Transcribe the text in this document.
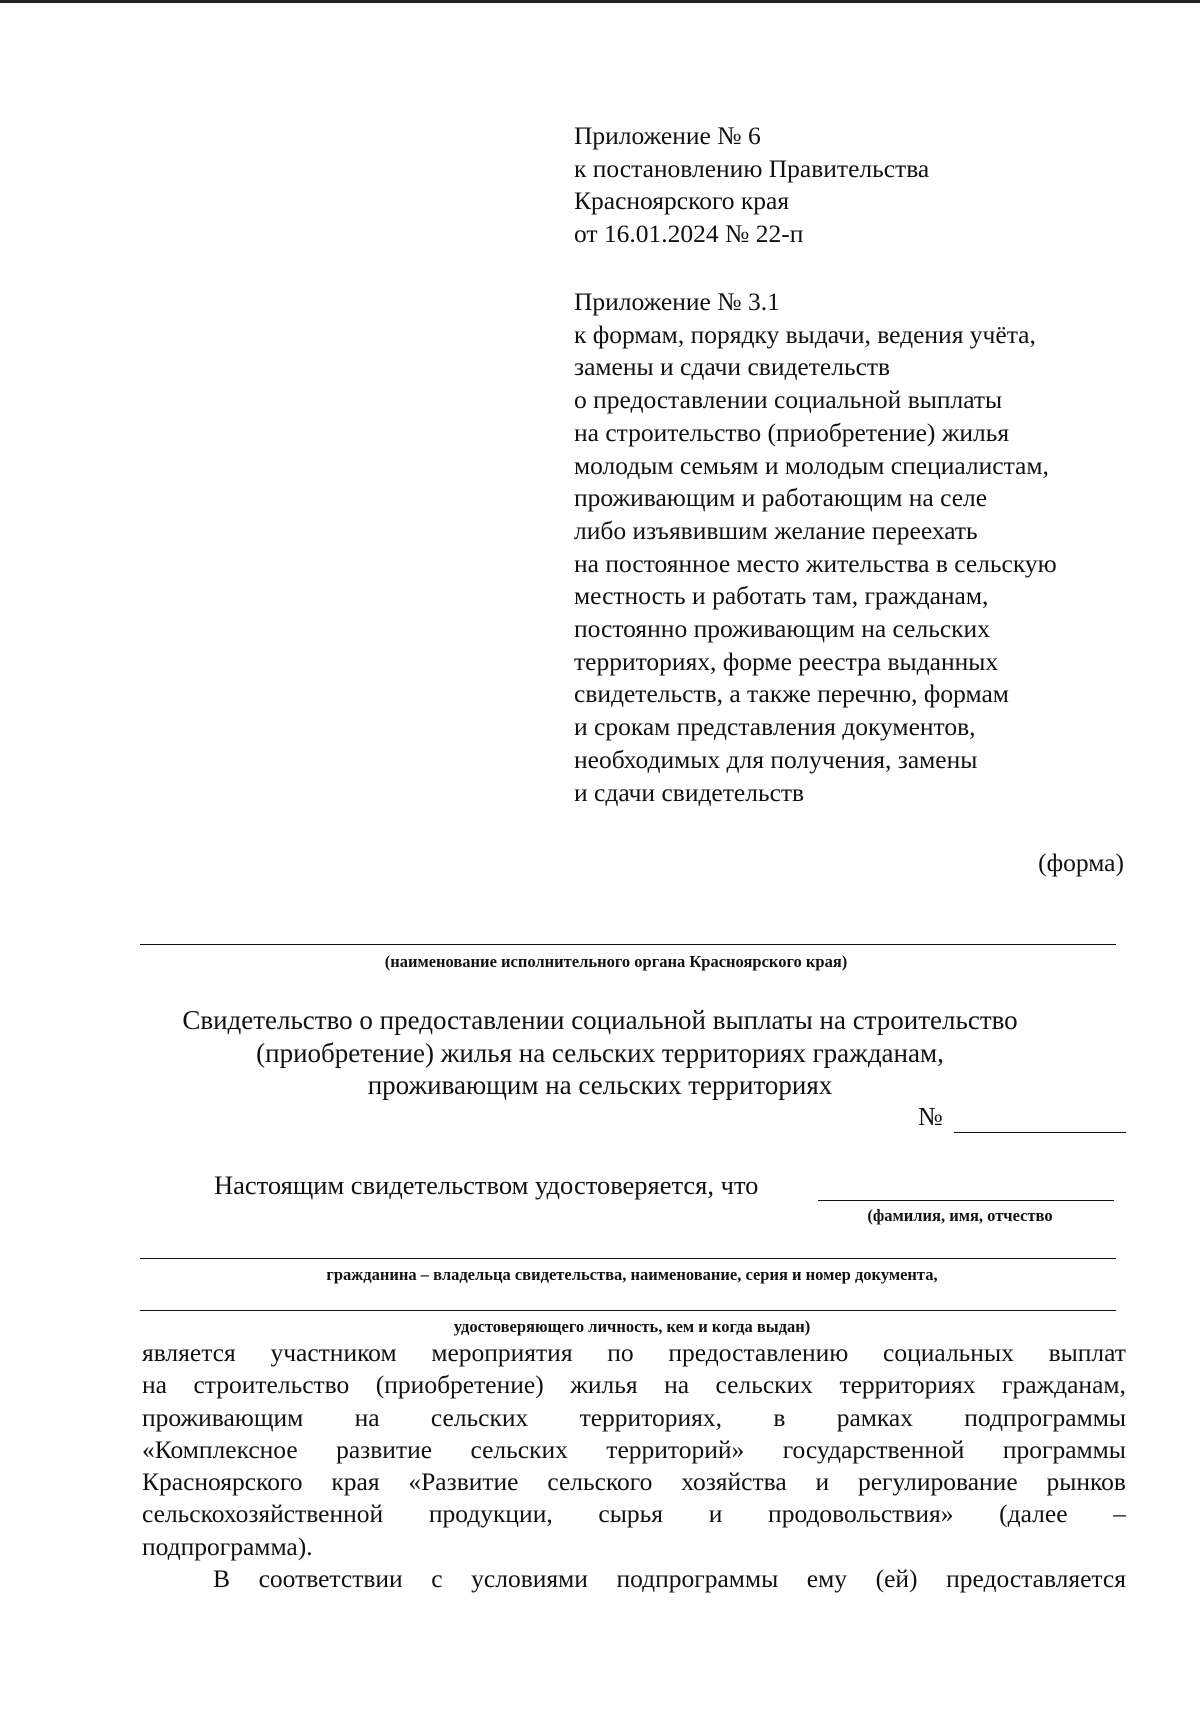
Приложение № 6
к постановлению Правительства
Красноярского края
от 16.01.2024 № 22-п
Приложение № 3.1
к формам, порядку выдачи, ведения учёта,
замены и сдачи свидетельств
о предоставлении социальной выплаты
на строительство (приобретение) жилья
молодым семьям и молодым специалистам,
проживающим и работающим на селе
либо изъявившим желание переехать
на постоянное место жительства в сельскую
местность и работать там, гражданам,
постоянно проживающим на сельских
территориях, форме реестра выданных
свидетельств, а также перечню, формам
и срокам представления документов,
необходимых для получения, замены
и сдачи свидетельств
(форма)
(наименование исполнительного органа Красноярского края)
Свидетельство о предоставлении социальной выплаты на строительство
(приобретение) жилья на сельских территориях гражданам,
проживающим на сельских территориях
№
Настоящим свидетельством удостоверяется, что
(фамилия, имя, отчество
гражданина – владельца свидетельства, наименование, серия и номер документа,
удостоверяющего личность, кем и когда выдан)
является участником мероприятия по предоставлению социальных выплат
на строительство (приобретение) жилья на сельских территориях гражданам,
проживающим на сельских территориях, в рамках подпрограммы
«Комплексное развитие сельских территорий» государственной программы
Красноярского края «Развитие сельского хозяйства и регулирование рынков
сельскохозяйственной продукции, сырья и продовольствия» (далее –
подпрограмма).
В соответствии с условиями подпрограммы ему (ей) предоставляется
